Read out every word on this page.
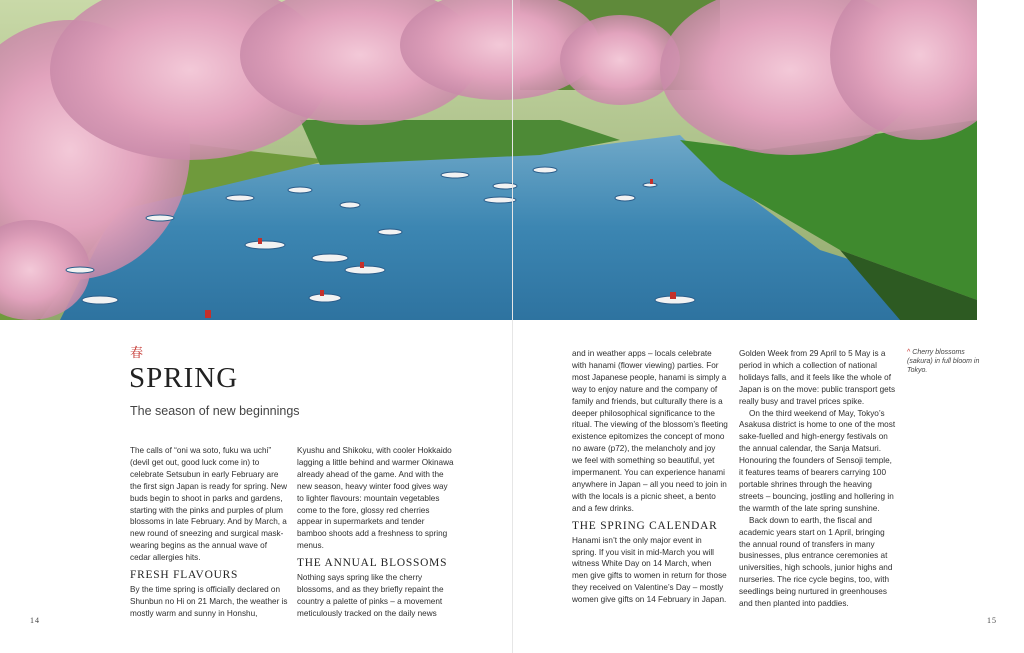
春
SPRING
The season of new beginnings

The calls of “oni wa soto, fuku wa uchi” (devil get out, good luck come in) to celebrate Setsubun in early February are the first sign Japan is ready for spring. New buds begin to shoot in parks and gardens, starting with the pinks and purples of plum blossoms in late February. And by March, a new round of sneezing and surgical mask-wearing begins as the annual wave of cedar allergies hits.

FRESH FLAVOURS

By the time spring is officially declared on Shunbun no Hi on 21 March, the weather is mostly warm and sunny in Honshu,

Kyushu and Shikoku, with cooler Hokkaido lagging a little behind and warmer Okinawa already ahead of the game. And with the new season, heavy winter food gives way to lighter flavours: mountain vegetables come to the fore, glossy red cherries appear in supermarkets and tender bamboo shoots add a freshness to spring menus.

THE ANNUAL BLOSSOMS

Nothing says spring like the cherry blossoms, and as they briefly repaint the country a palette of pinks – a movement meticulously tracked on the daily news

and in weather apps – locals celebrate with hanami (flower viewing) parties. For most Japanese people, hanami is simply a way to enjoy nature and the company of family and friends, but culturally there is a deeper philosophical significance to the ritual. The viewing of the blossom’s fleeting existence epitomizes the concept of mono no aware (p72), the melancholy and joy we feel with something so beautiful, yet impermanent. You can experience hanami anywhere in Japan – all you need to join in with the locals is a picnic sheet, a bento and a few drinks.

THE SPRING CALENDAR

Hanami isn’t the only major event in spring. If you visit in mid-March you will witness White Day on 14 March, when men give gifts to women in return for those they received on Valentine’s Day – mostly women give gifts on 14 February in Japan.

Golden Week from 29 April to 5 May is a period in which a collection of national holidays falls, and it feels like the whole of Japan is on the move: public transport gets really busy and travel prices spike.

On the third weekend of May, Tokyo’s Asakusa district is home to one of the most sake-fuelled and high-energy festivals on the annual calendar, the Sanja Matsuri. Honouring the founders of Sensoji temple, it features teams of bearers carrying 100 portable shrines through the heaving streets – bouncing, jostling and hollering in the warmth of the late spring sunshine.

Back down to earth, the fiscal and academic years start on 1 April, bringing the annual round of transfers in many businesses, plus entrance ceremonies at universities, high schools, junior highs and nurseries. The rice cycle begins, too, with seedlings being nurtured in greenhouses and then planted into paddies.

^ Cherry blossoms (sakura) in full bloom in Tokyo.
14	15
